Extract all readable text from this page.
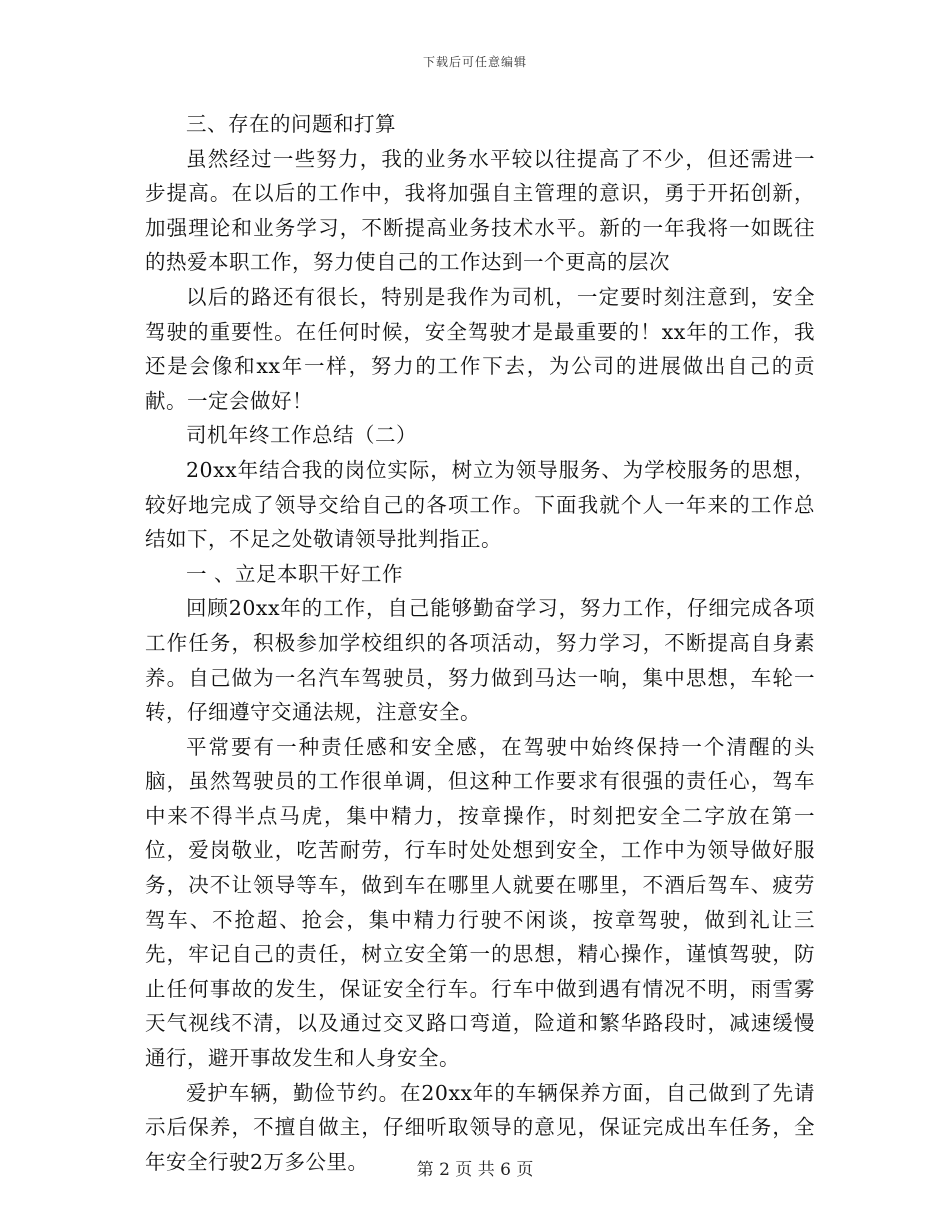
下载后可任意编辑

三、存在的问题和打算

虽然经过一些努力，我的业务水平较以往提高了不少，但还需进一步提高。在以后的工作中，我将加强自主管理的意识，勇于开拓创新，加强理论和业务学习，不断提高业务技术水平。新的一年我将一如既往的热爱本职工作，努力使自己的工作达到一个更高的层次

以后的路还有很长，特别是我作为司机，一定要时刻注意到，安全驾驶的重要性。在任何时候，安全驾驶才是最重要的！xx年的工作，我还是会像和xx年一样，努力的工作下去，为公司的进展做出自己的贡献。一定会做好！

司机年终工作总结（二）

20xx年结合我的岗位实际，树立为领导服务、为学校服务的思想，较好地完成了领导交给自己的各项工作。下面我就个人一年来的工作总结如下，不足之处敬请领导批判指正。

一 、立足本职干好工作

回顾20xx年的工作，自己能够勤奋学习，努力工作，仔细完成各项工作任务，积极参加学校组织的各项活动，努力学习，不断提高自身素养。自己做为一名汽车驾驶员，努力做到马达一响，集中思想，车轮一转，仔细遵守交通法规，注意安全。

平常要有一种责任感和安全感，在驾驶中始终保持一个清醒的头脑，虽然驾驶员的工作很单调，但这种工作要求有很强的责任心，驾车中来不得半点马虎，集中精力，按章操作，时刻把安全二字放在第一位，爱岗敬业，吃苦耐劳，行车时处处想到安全，工作中为领导做好服务，决不让领导等车，做到车在哪里人就要在哪里，不酒后驾车、疲劳驾车、不抢超、抢会，集中精力行驶不闲谈，按章驾驶，做到礼让三先，牢记自己的责任，树立安全第一的思想，精心操作，谨慎驾驶，防止任何事故的发生，保证安全行车。行车中做到遇有情况不明，雨雪雾天气视线不清，以及通过交叉路口弯道，险道和繁华路段时，减速缓慢通行，避开事故发生和人身安全。

爱护车辆，勤俭节约。在20xx年的车辆保养方面，自己做到了先请示后保养，不擅自做主，仔细听取领导的意见，保证完成出车任务，全年安全行驶2万多公里。	第 2 页 共 6 页
